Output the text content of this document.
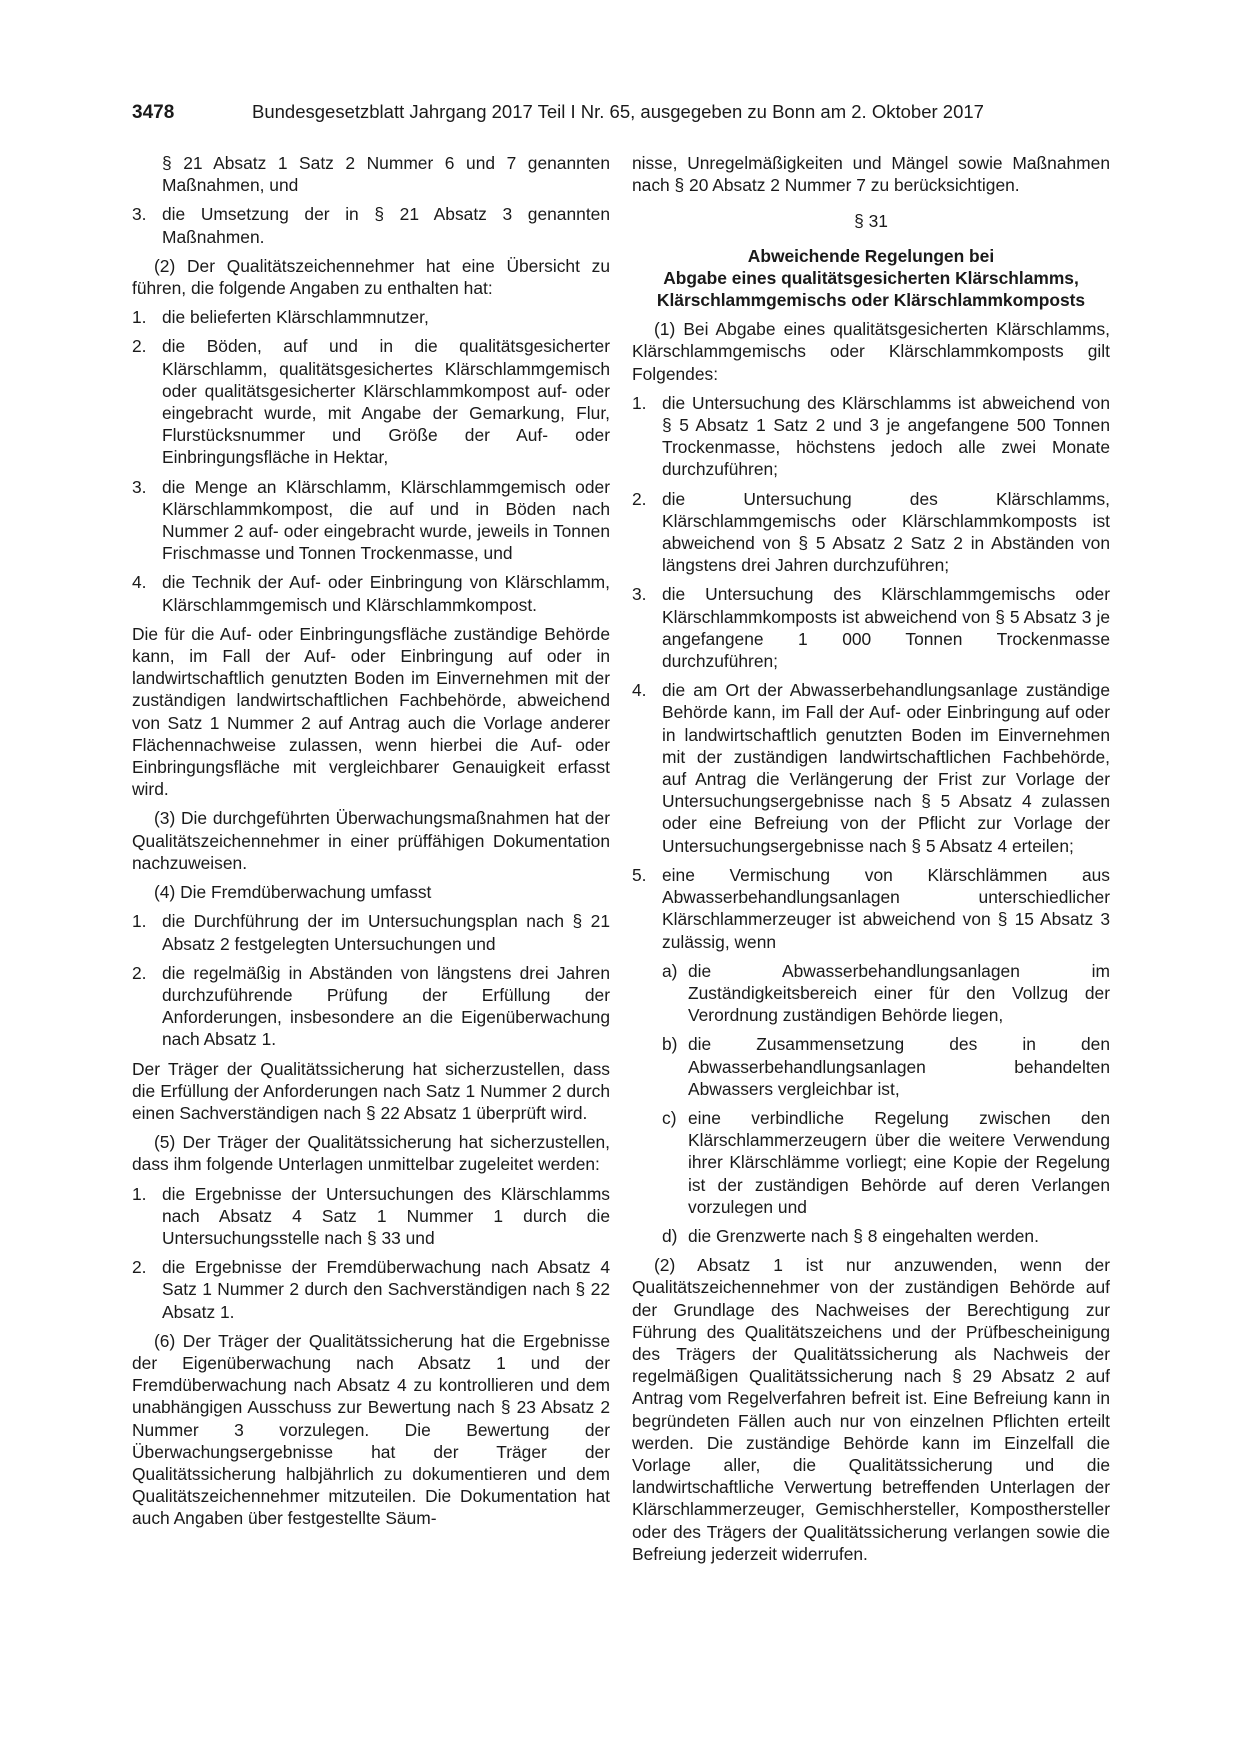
3478	Bundesgesetzblatt Jahrgang 2017 Teil I Nr. 65, ausgegeben zu Bonn am 2. Oktober 2017

§ 21 Absatz 1 Satz 2 Nummer 6 und 7 genannten Maßnahmen, und

3. die Umsetzung der in § 21 Absatz 3 genannten Maßnahmen.

(2) Der Qualitätszeichennehmer hat eine Übersicht zu führen, die folgende Angaben zu enthalten hat:

1. die belieferten Klärschlammnutzer,
2. die Böden, auf und in die qualitätsgesicherter Klärschlamm, qualitätsgesichertes Klärschlammgemisch oder qualitätsgesicherter Klärschlammkompost auf- oder eingebracht wurde, mit Angabe der Gemarkung, Flur, Flurstücksnummer und Größe der Auf- oder Einbringungsfläche in Hektar,
3. die Menge an Klärschlamm, Klärschlammgemisch oder Klärschlammkompost, die auf und in Böden nach Nummer 2 auf- oder eingebracht wurde, jeweils in Tonnen Frischmasse und Tonnen Trockenmasse, und
4. die Technik der Auf- oder Einbringung von Klärschlamm, Klärschlammgemisch und Klärschlammkompost.

Die für die Auf- oder Einbringungsfläche zuständige Behörde kann, im Fall der Auf- oder Einbringung auf oder in landwirtschaftlich genutzten Boden im Einvernehmen mit der zuständigen landwirtschaftlichen Fachbehörde, abweichend von Satz 1 Nummer 2 auf Antrag auch die Vorlage anderer Flächennachweise zulassen, wenn hierbei die Auf- oder Einbringungsfläche mit vergleichbarer Genauigkeit erfasst wird.

(3) Die durchgeführten Überwachungsmaßnahmen hat der Qualitätszeichennehmer in einer prüffähigen Dokumentation nachzuweisen.

(4) Die Fremdüberwachung umfasst

1. die Durchführung der im Untersuchungsplan nach § 21 Absatz 2 festgelegten Untersuchungen und
2. die regelmäßig in Abständen von längstens drei Jahren durchzuführende Prüfung der Erfüllung der Anforderungen, insbesondere an die Eigenüberwachung nach Absatz 1.

Der Träger der Qualitätssicherung hat sicherzustellen, dass die Erfüllung der Anforderungen nach Satz 1 Nummer 2 durch einen Sachverständigen nach § 22 Absatz 1 überprüft wird.

(5) Der Träger der Qualitätssicherung hat sicherzustellen, dass ihm folgende Unterlagen unmittelbar zugeleitet werden:

1. die Ergebnisse der Untersuchungen des Klärschlamms nach Absatz 4 Satz 1 Nummer 1 durch die Untersuchungsstelle nach § 33 und
2. die Ergebnisse der Fremdüberwachung nach Absatz 4 Satz 1 Nummer 2 durch den Sachverständigen nach § 22 Absatz 1.

(6) Der Träger der Qualitätssicherung hat die Ergebnisse der Eigenüberwachung nach Absatz 1 und der Fremdüberwachung nach Absatz 4 zu kontrollieren und dem unabhängigen Ausschuss zur Bewertung nach § 23 Absatz 2 Nummer 3 vorzulegen. Die Bewertung der Überwachungsergebnisse hat der Träger der Qualitätssicherung halbjährlich zu dokumentieren und dem Qualitätszeichennehmer mitzuteilen. Die Dokumentation hat auch Angaben über festgestellte Säum-

nisse, Unregelmäßigkeiten und Mängel sowie Maßnahmen nach § 20 Absatz 2 Nummer 7 zu berücksichtigen.

§ 31
Abweichende Regelungen bei
Abgabe eines qualitätsgesicherten Klärschlamms,
Klärschlammgemischs oder Klärschlammkomposts

(1) Bei Abgabe eines qualitätsgesicherten Klärschlamms, Klärschlammgemischs oder Klärschlammkomposts gilt Folgendes:

1. die Untersuchung des Klärschlamms ist abweichend von § 5 Absatz 1 Satz 2 und 3 je angefangene 500 Tonnen Trockenmasse, höchstens jedoch alle zwei Monate durchzuführen;
2. die Untersuchung des Klärschlamms, Klärschlammgemischs oder Klärschlammkomposts ist abweichend von § 5 Absatz 2 Satz 2 in Abständen von längstens drei Jahren durchzuführen;
3. die Untersuchung des Klärschlammgemischs oder Klärschlammkomposts ist abweichend von § 5 Absatz 3 je angefangene 1 000 Tonnen Trockenmasse durchzuführen;
4. die am Ort der Abwasserbehandlungsanlage zuständige Behörde kann, im Fall der Auf- oder Einbringung auf oder in landwirtschaftlich genutzten Boden im Einvernehmen mit der zuständigen landwirtschaftlichen Fachbehörde, auf Antrag die Verlängerung der Frist zur Vorlage der Untersuchungsergebnisse nach § 5 Absatz 4 zulassen oder eine Befreiung von der Pflicht zur Vorlage der Untersuchungsergebnisse nach § 5 Absatz 4 erteilen;
5. eine Vermischung von Klärschlämmen aus Abwasserbehandlungsanlagen unterschiedlicher Klärschlammerzeuger ist abweichend von § 15 Absatz 3 zulässig, wenn
a) die Abwasserbehandlungsanlagen im Zuständigkeitsbereich einer für den Vollzug der Verordnung zuständigen Behörde liegen,
b) die Zusammensetzung des in den Abwasserbehandlungsanlagen behandelten Abwassers vergleichbar ist,
c) eine verbindliche Regelung zwischen den Klärschlammerzeugern über die weitere Verwendung ihrer Klärschlämme vorliegt; eine Kopie der Regelung ist der zuständigen Behörde auf deren Verlangen vorzulegen und
d) die Grenzwerte nach § 8 eingehalten werden.

(2) Absatz 1 ist nur anzuwenden, wenn der Qualitätszeichennehmer von der zuständigen Behörde auf der Grundlage des Nachweises der Berechtigung zur Führung des Qualitätszeichens und der Prüfbescheinigung des Trägers der Qualitätssicherung als Nachweis der regelmäßigen Qualitätssicherung nach § 29 Absatz 2 auf Antrag vom Regelverfahren befreit ist. Eine Befreiung kann in begründeten Fällen auch nur von einzelnen Pflichten erteilt werden. Die zuständige Behörde kann im Einzelfall die Vorlage aller, die Qualitätssicherung und die landwirtschaftliche Verwertung betreffenden Unterlagen der Klärschlammerzeuger, Gemischhersteller, Komposthersteller oder des Trägers der Qualitätssicherung verlangen sowie die Befreiung jederzeit widerrufen.
